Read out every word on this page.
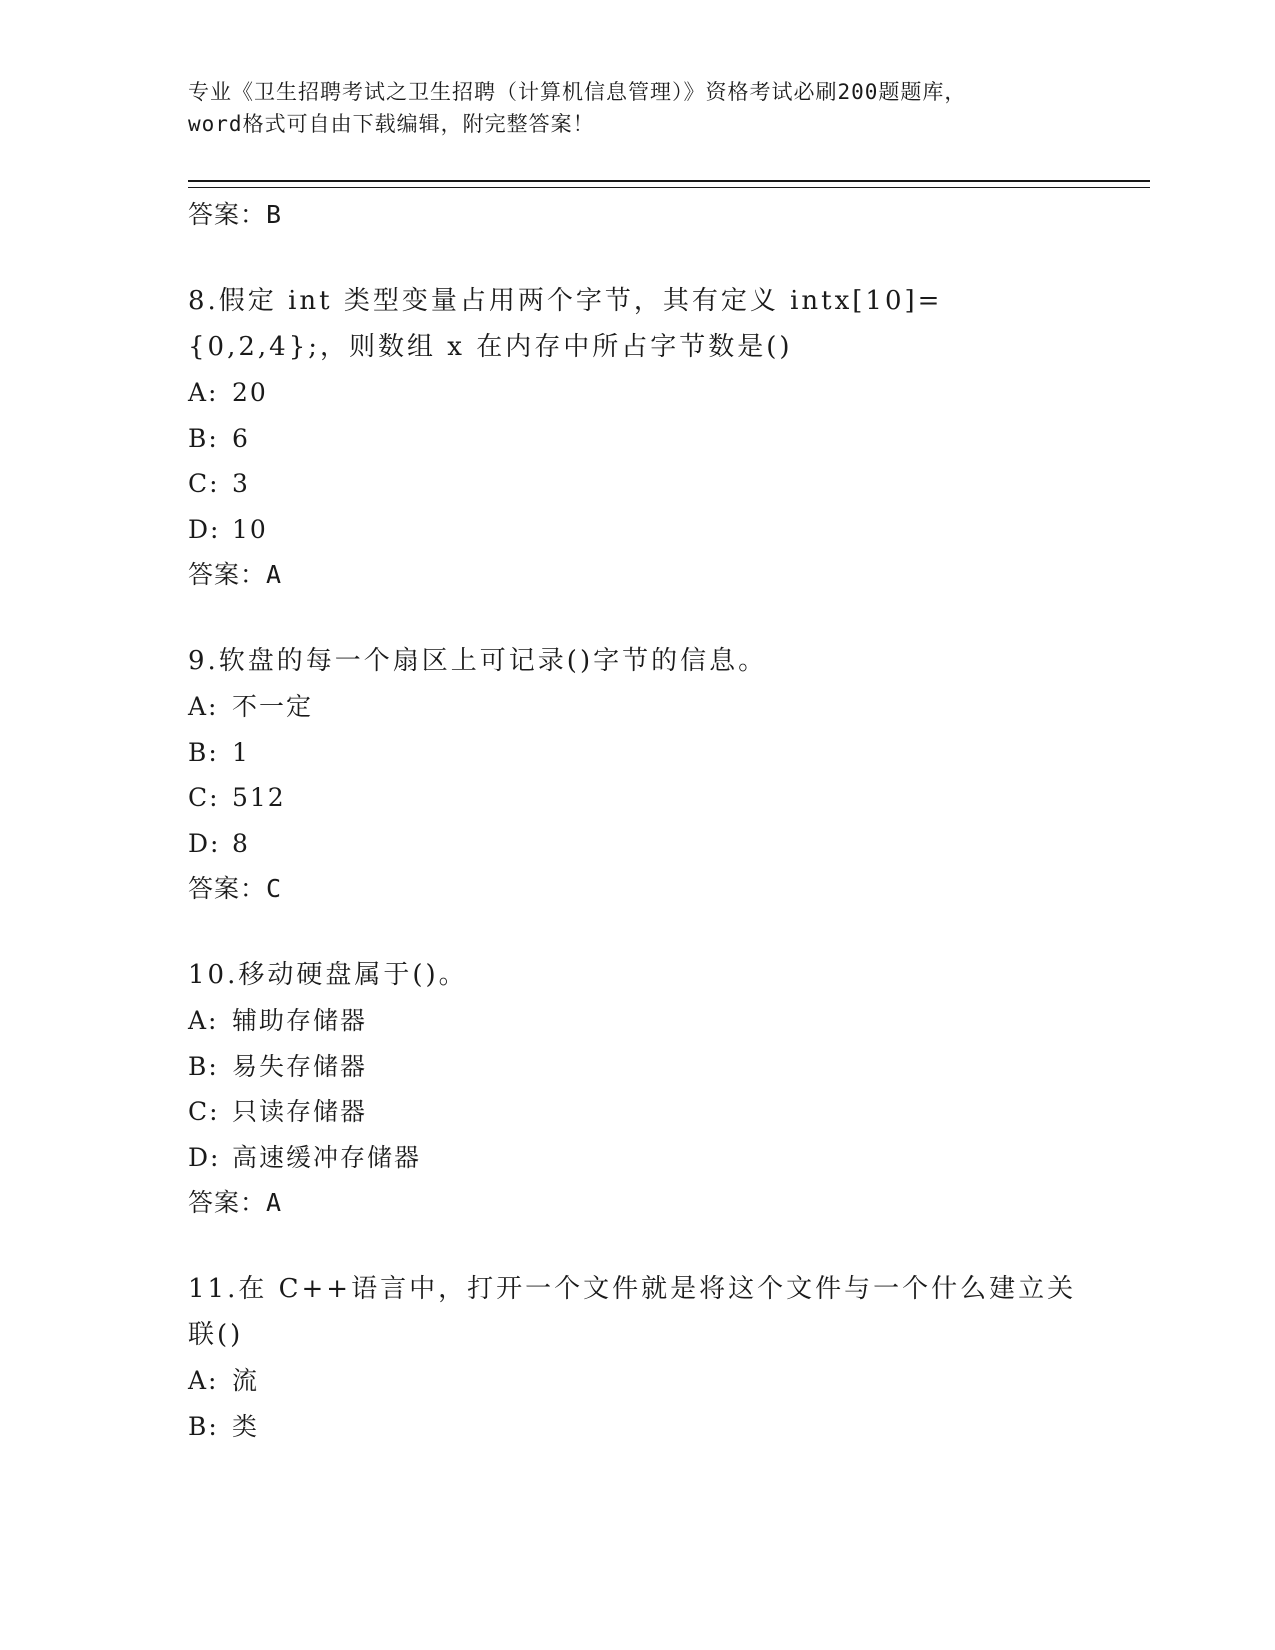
专业《卫生招聘考试之卫生招聘（计算机信息管理）》资格考试必刷200题题库，
word格式可自由下载编辑，附完整答案！
答案：B
8.假定 int 类型变量占用两个字节，其有定义 intx[10]={0,2,4};，则数组 x 在内存中所占字节数是()
A: 20
B: 6
C: 3
D: 10
答案：A
9.软盘的每一个扇区上可记录()字节的信息。
A: 不一定
B: 1
C: 512
D: 8
答案：C
10.移动硬盘属于()。
A: 辅助存储器
B: 易失存储器
C: 只读存储器
D: 高速缓冲存储器
答案：A
11.在 C++语言中，打开一个文件就是将这个文件与一个什么建立关联()
A: 流
B: 类
